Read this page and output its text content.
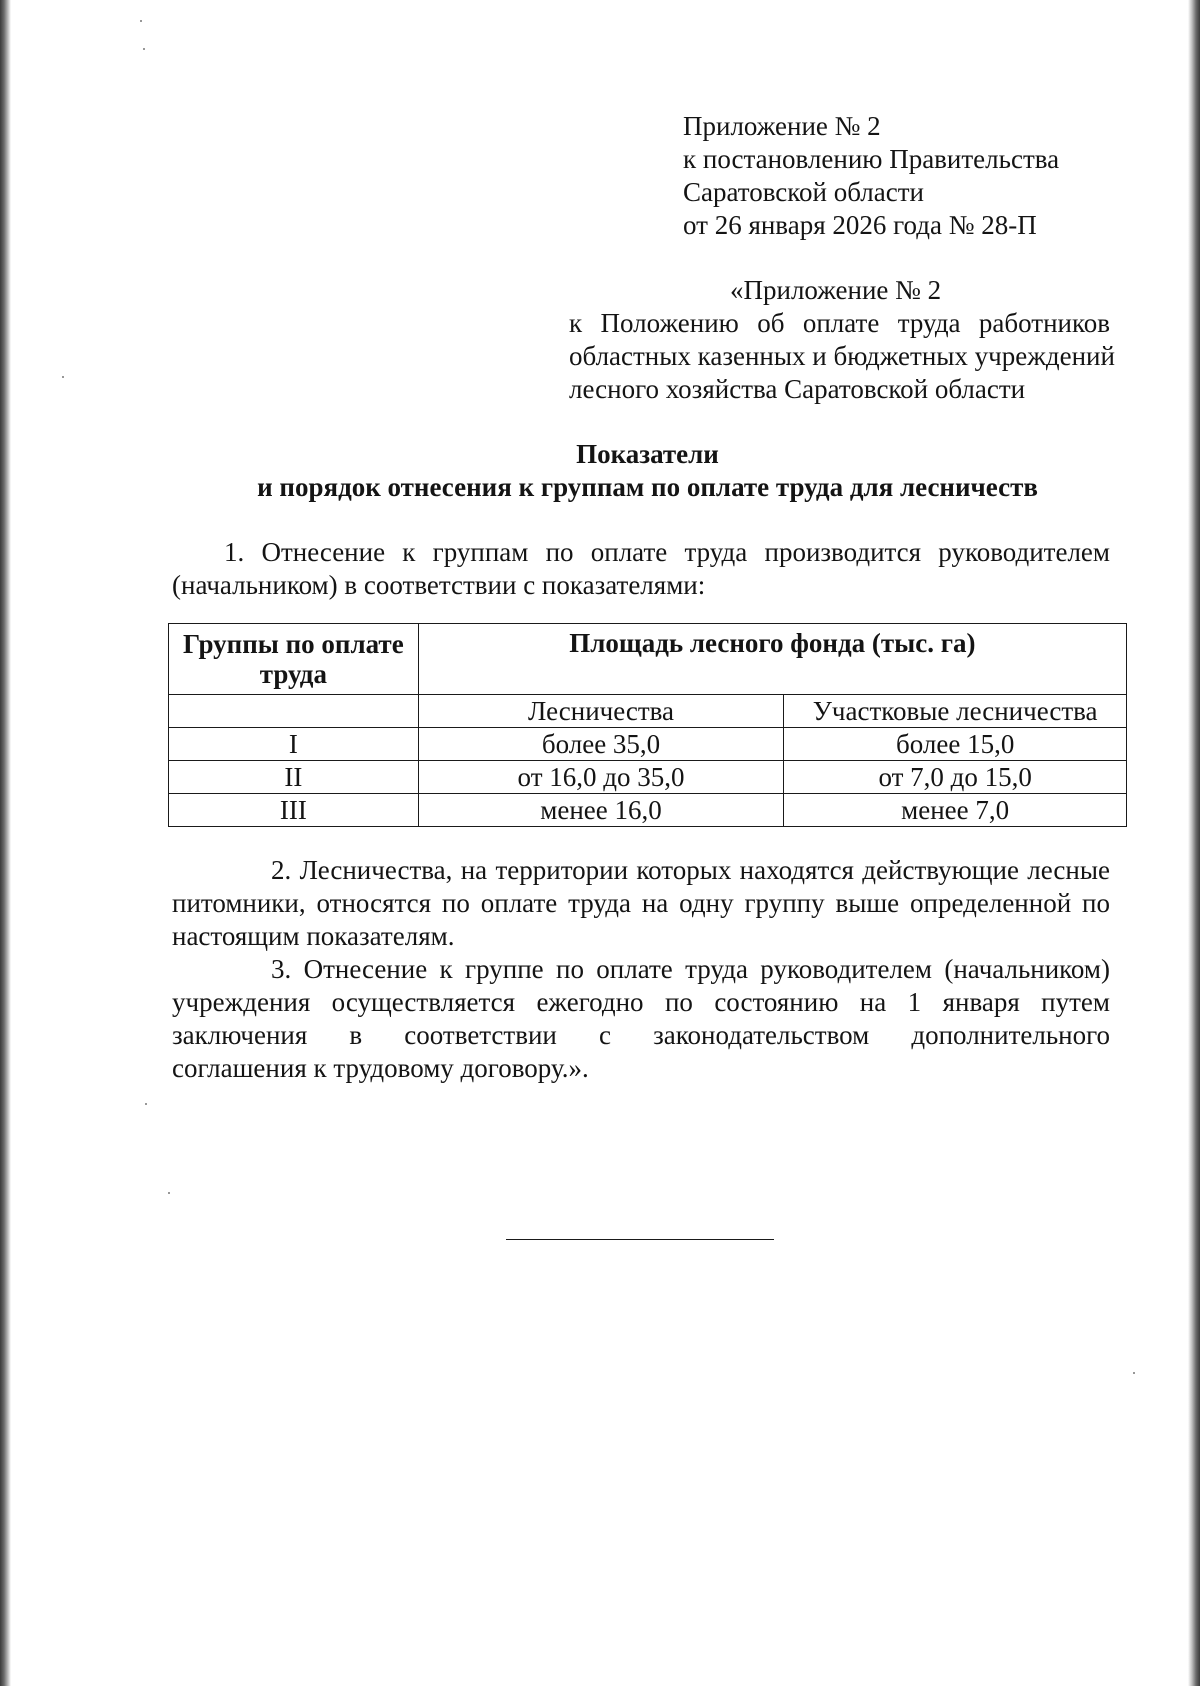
Приложение № 2
к постановлению Правительства
Саратовской области
от 26 января 2026 года № 28-П
«Приложение № 2
к Положению об оплате труда работников
областных казенных и бюджетных учреждений
лесного хозяйства Саратовской области
Показатели
и порядок отнесения к группам по оплате труда для лесничеств
1. Отнесение к группам по оплате труда производится руководителем
(начальником) в соответствии с показателями:
Группы по оплате
труда	Площадь лесного фонда (тыс. га)	
	Лесничества	Участковые лесничества
I	более 35,0	более 15,0
II	от 16,0 до 35,0	от 7,0 до 15,0
III	менее 16,0	менее 7,0
2. Лесничества, на территории которых находятся действующие лесные
питомники, относятся по оплате труда на одну группу выше определенной по
настоящим показателям.
3. Отнесение к группе по оплате труда руководителем (начальником)
учреждения осуществляется ежегодно по состоянию на 1 января путем
заключения в соответствии с законодательством дополнительного
соглашения к трудовому договору.».
